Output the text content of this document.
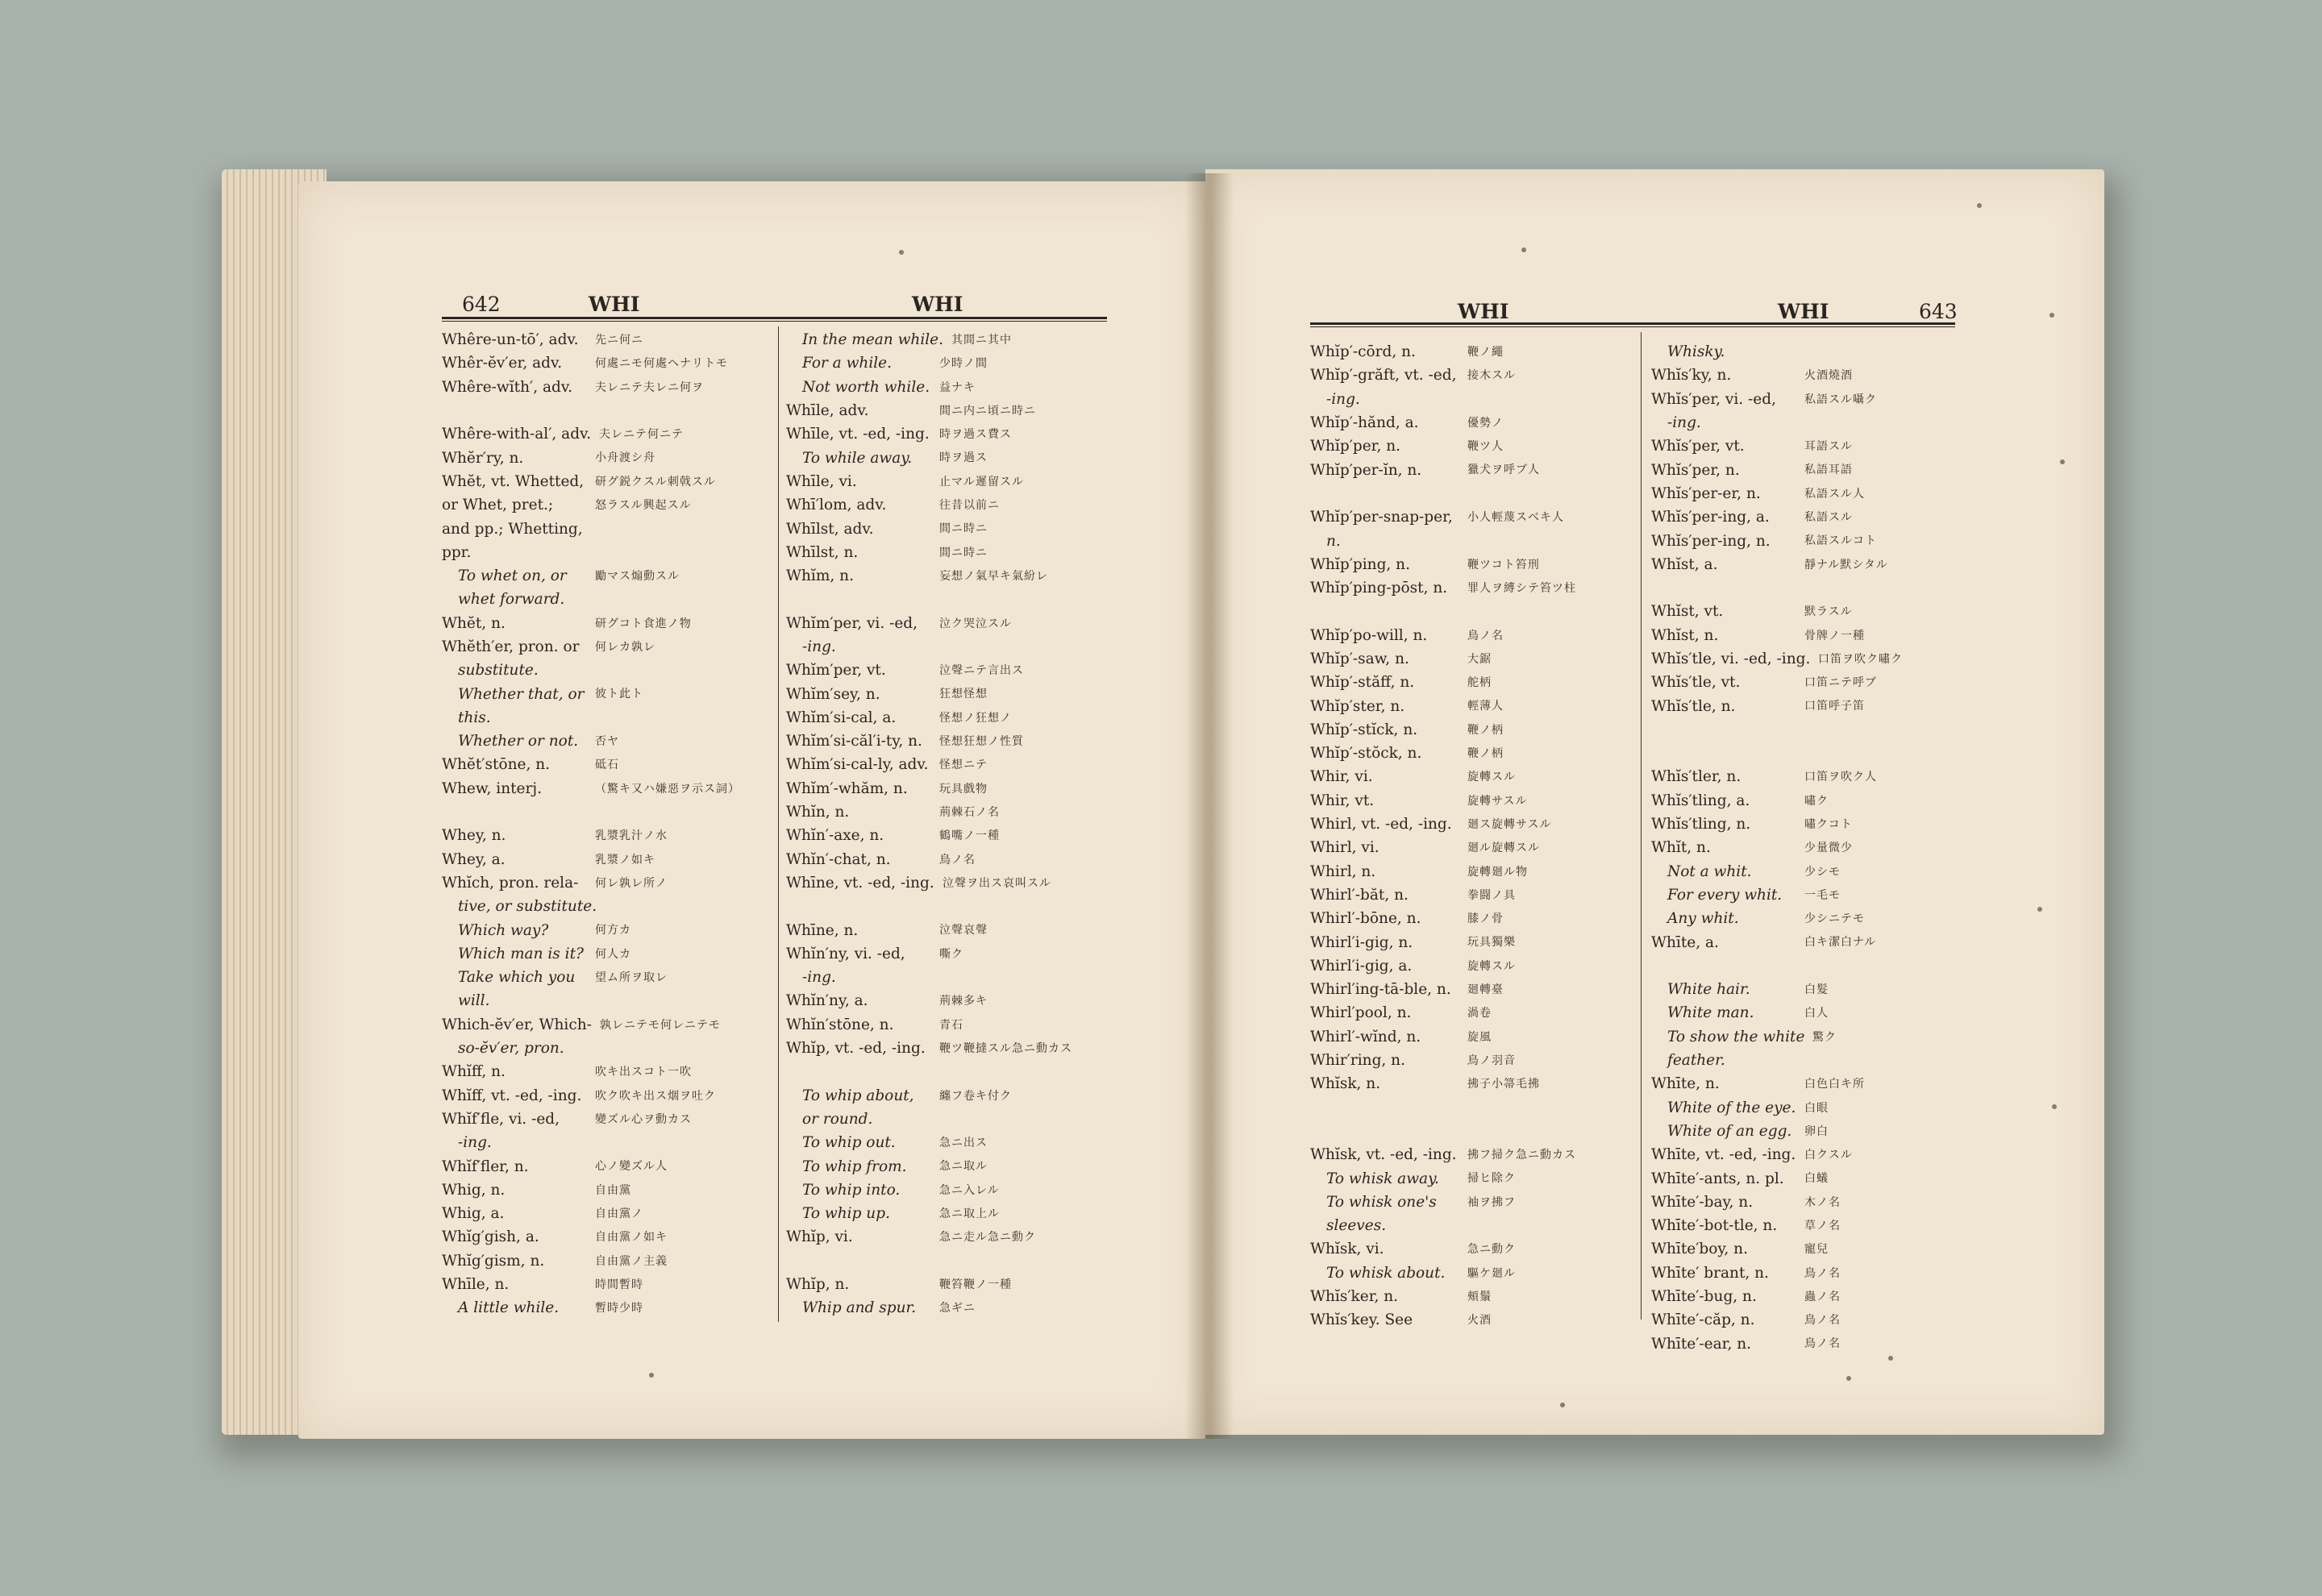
642	WHI	WHI	WHI	WHI	643
Whêre-un-tō′, adv. 先ニ何ニ
Whêr-ĕv′er, adv.	何處ニモ何處ヘナリトモ
Whêre-wĭth′, adv. 夫レニテ夫レニ何ヲ
Whêre-with-al′, adv. 夫レニテ何ニテ
Whĕr′ry, n.	小舟渡シ舟
Whĕt, vt. Whetted, 研グ鋭クスル刺戟スル
or Whet, pret.;	怒ラスル興起スル
and pp.; Whetting,
ppr.
To whet on, or	勵マス煽動スル
whet forward.
Whĕt, n.	研グコト食進ノ物
Whĕth′er, pron. or 何レカ孰レ
substitute.
Whether that, or 彼ト此ト
this.
Whether or not. 否ヤ
Whĕt′stōne, n.	砥石
Whew, interj.	（驚キ又ハ嫌惡ヲ示ス詞）
Whey, n.	乳漿乳汁ノ水
Whey, a.	乳漿ノ如キ
Whĭch, pron. rela- 何レ孰レ所ノ
tive, or substitute.
Which way?	何方カ
Which man is it? 何人カ
Take which you 望ム所ヲ取レ
will.
Which-ĕv′er, Which- 孰レニテモ何レニテモ
so-ĕv′er, pron.
Whĭff, n.	吹キ出スコト一吹
Whĭff, vt. -ed, -ing. 吹ク吹キ出ス烟ヲ吐ク
Whĭf′fle, vi. -ed,	變ズル心ヲ動カス
-ing.
Whĭf′fler, n.	心ノ變ズル人
Whig, n.	自由黨
Whig, a.	自由黨ノ
Whĭg′gish, a.	自由黨ノ如キ
Whĭg′gism, n.	自由黨ノ主義
Whīle, n.	時間暫時
A little while.	暫時少時
In the mean while. 其間ニ其中
For a while.	少時ノ間
Not worth while. 益ナキ
Whīle, adv.	間ニ内ニ頃ニ時ニ
Whīle, vt. -ed, -ing. 時ヲ過ス費ス
To while away. 時ヲ過ス
Whīle, vi.	止マル遲留スル
Whī′lom, adv.	往昔以前ニ
Whīlst, adv.	間ニ時ニ
Whīlst, n.	間ニ時ニ
Whĭm, n.	妄想ノ氣早キ氣紛レ
Whĭm′per, vi. -ed, 泣ク哭泣スル
-ing.
Whĭm′per, vt.	泣聲ニテ言出ス
Whĭm′sey, n.	狂想怪想
Whĭm′si-cal, a.	怪想ノ狂想ノ
Whĭm′si-căl′i-ty, n. 怪想狂想ノ性質
Whĭm′si-cal-ly, adv. 怪想ニテ
Whĭm′-whăm, n.	玩具戲物
Whĭn, n.	荊棘石ノ名
Whĭn′-axe, n.	鶴嘴ノ一種
Whĭn′-chat, n.	鳥ノ名
Whīne, vt. -ed, -ing. 泣聲ヲ出ス哀叫スル
Whīne, n.	泣聲哀聲
Whĭn′ny, vi. -ed,	嘶ク
-ing.
Whĭn′ny, a.	荊棘多キ
Whĭn′stōne, n.	青石
Whĭp, vt. -ed, -ing. 鞭ツ鞭撻スル急ニ動カス
To whip about, 纏フ卷キ付ク
or round.
To whip out.	急ニ出ス
To whip from.	急ニ取ル
To whip into.	急ニ入レル
To whip up.	急ニ取上ル
Whĭp, vi.	急ニ走ル急ニ動ク
Whĭp, n.	鞭笞鞭ノ一種
Whip and spur. 急ギニ
Whĭp′-cōrd, n.	鞭ノ繩
Whĭp′-grăft, vt. -ed, 接木スル
-ing.
Whĭp′-hănd, a.	優勢ノ
Whĭp′per, n.	鞭ツ人
Whĭp′per-ĭn, n.	獵犬ヲ呼ブ人
Whĭp′per-snap-per, 小人輕蔑スベキ人
n.
Whĭp′ping, n.	鞭ツコト笞刑
Whĭp′ping-pōst, n. 罪人ヲ縛シテ笞ツ柱
Whĭp′po-will, n.	鳥ノ名
Whĭp′-saw, n.	大鋸
Whĭp′-stăff, n.	舵柄
Whĭp′ster, n.	輕薄人
Whĭp′-stĭck, n.	鞭ノ柄
Whĭp′-stŏck, n.	鞭ノ柄
Whir, vi.	旋轉スル
Whir, vt.	旋轉サスル
Whirl, vt. -ed, -ing. 廻ス旋轉サスル
Whirl, vi.	廻ル旋轉スル
Whirl, n.	旋轉廻ル物
Whirl′-băt, n.	拳闘ノ具
Whirl′-bōne, n.	膝ノ骨
Whirl′i-gig, n.	玩具獨樂
Whirl′i-gig, a.	旋轉スル
Whirl′ing-tā-ble, n. 廻轉臺
Whirl′pool, n.	渦卷
Whirl′-wĭnd, n.	旋風
Whir′ring, n.	鳥ノ羽音
Whĭsk, n.	拂子小箒毛拂
Whĭsk, vt. -ed, -ing. 拂フ掃ク急ニ動カス
To whisk away.	掃ヒ除ク
To whisk one's	袖ヲ拂フ
sleeves.
Whĭsk, vi.	急ニ動ク
To whisk about. 驅ケ廻ル
Whĭs′ker, n.	頰鬚
Whĭs′key. See	火酒
Whisky.
Whĭs′ky, n.	火酒燒酒
Whĭs′per, vi. -ed,	私語スル囁ク
-ing.
Whĭs′per, vt.	耳語スル
Whĭs′per, n.	私語耳語
Whĭs′per-er, n.	私語スル人
Whĭs′per-ing, a.	私語スル
Whĭs′per-ing, n.	私語スルコト
Whĭst, a.	靜ナル默シタル
Whĭst, vt.	默ラスル
Whĭst, n.	骨牌ノ一種
Whĭs′tle, vi. -ed, -ing. 口笛ヲ吹ク嘯ク
Whĭs′tle, vt.	口笛ニテ呼ブ
Whĭs′tle, n.	口笛呼子笛
Whĭs′tler, n.	口笛ヲ吹ク人
Whĭs′tling, a.	嘯ク
Whĭs′tling, n.	嘯クコト
Whĭt, n.	少量微少
Not a whit.	少シモ
For every whit. 一毛モ
Any whit.	少シニテモ
Whīte, a.	白キ潔白ナル
White hair.	白髮
White man.	白人
To show the white 驚ク
feather.
Whīte, n.	白色白キ所
White of the eye. 白眼
White of an egg. 卵白
Whīte, vt. -ed, -ing. 白クスル
Whīte′-ants, n. pl. 白蟻
Whīte′-bay, n.	木ノ名
Whīte′-bot-tle, n. 草ノ名
Whīte′boy, n.	寵兒
Whīte′ brant, n.	鳥ノ名
Whīte′-bug, n.	蟲ノ名
Whīte′-căp, n.	鳥ノ名
Whīte′-ear, n.	鳥ノ名
